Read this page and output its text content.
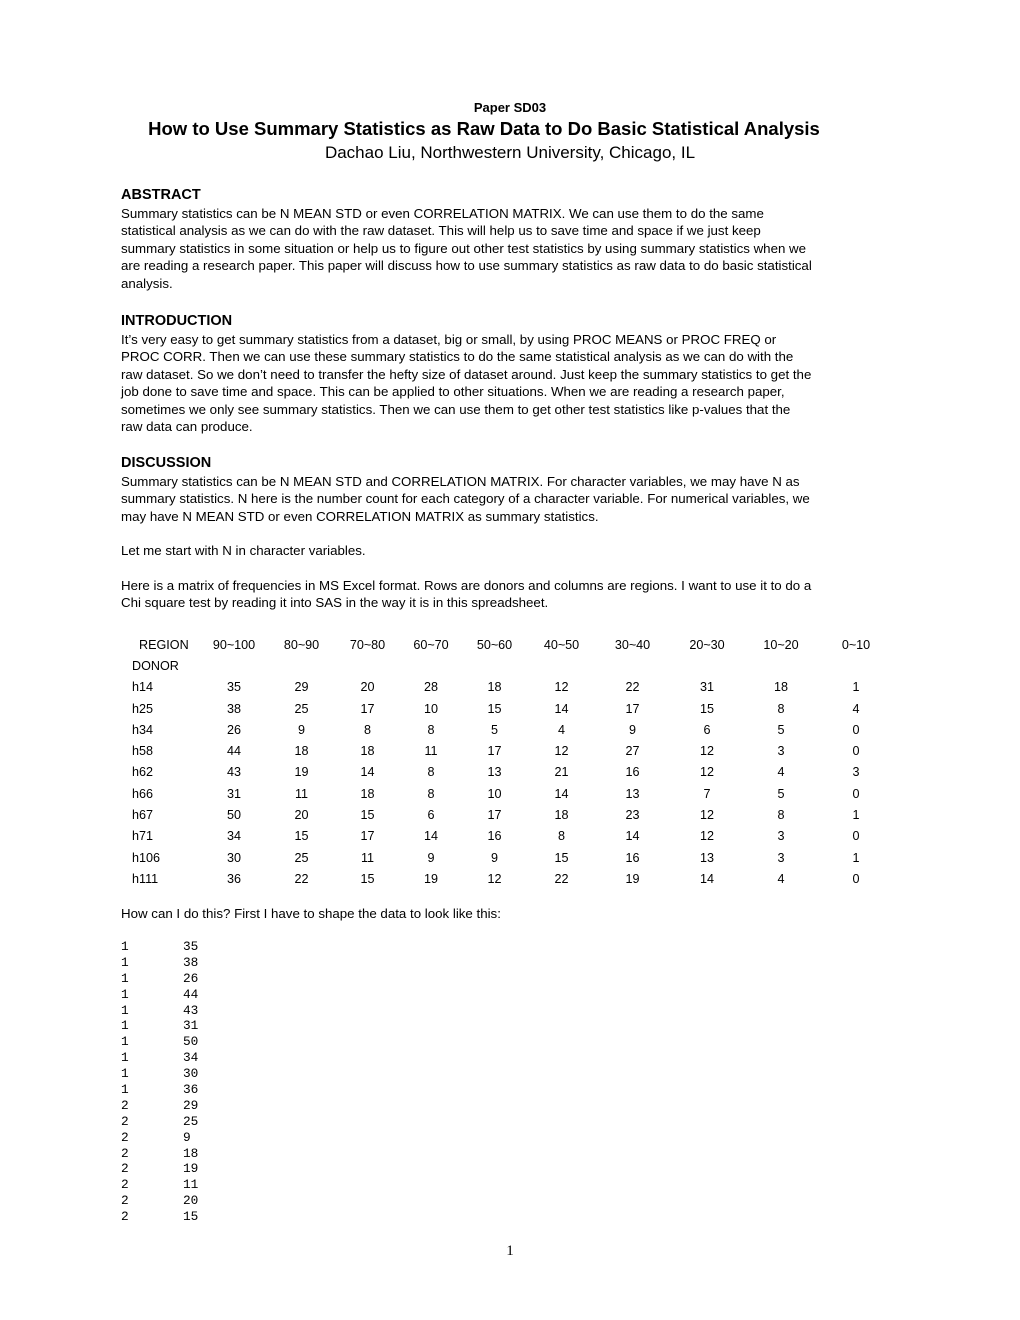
Paper SD03
How to Use Summary Statistics as Raw Data to Do Basic Statistical Analysis
Dachao Liu, Northwestern University, Chicago, IL
ABSTRACT
Summary statistics can be N MEAN STD or even CORRELATION MATRIX. We can use them to do the same
statistical analysis as we can do with the raw dataset. This will help us to save time and space if we just keep
summary statistics in some situation or help us to figure out other test statistics by using summary statistics when we
are reading a research paper. This paper will discuss how to use summary statistics as raw data to do basic statistical
analysis.
INTRODUCTION
It’s very easy to get summary statistics from a dataset, big or small, by using PROC MEANS or PROC FREQ or
PROC CORR. Then we can use these summary statistics to do the same statistical analysis as we can do with the
raw dataset. So we don’t need to transfer the hefty size of dataset around. Just keep the summary statistics to get the
job done to save time and space. This can be applied to other situations. When we are reading a research paper,
sometimes we only see summary statistics. Then we can use them to get other test statistics like p-values that the
raw data can produce.
DISCUSSION
Summary statistics can be N MEAN STD and CORRELATION MATRIX. For character variables, we may have N as
summary statistics. N here is the number count for each category of a character variable. For numerical variables, we
may have N MEAN STD or even CORRELATION MATRIX as summary statistics.
Let me start with N in character variables.
Here is a matrix of frequencies in MS Excel format. Rows are donors and columns are regions. I want to use it to do a
Chi square test by reading it into SAS in the way it is in this spreadsheet.
REGION	90~100	80~90	70~80	60~70	50~60	40~50	30~40	20~30	10~20	0~10
DONOR										
h14	35	29	20	28	18	12	22	31	18	1
h25	38	25	17	10	15	14	17	15	8	4
h34	26	9	8	8	5	4	9	6	5	0
h58	44	18	18	11	17	12	27	12	3	0
h62	43	19	14	8	13	21	16	12	4	3
h66	31	11	18	8	10	14	13	7	5	0
h67	50	20	15	6	17	18	23	12	8	1
h71	34	15	17	14	16	8	14	12	3	0
h106	30	25	11	9	9	15	16	13	3	1
h111	36	22	15	19	12	22	19	14	4	0
How can I do this? First I have to shape the data to look like this:
1	35
1	38
1	26
1	44
1	43
1	31
1	50
1	34
1	30
1	36
2	29
2	25
2	9
2	18
2	19
2	11
2	20
2	15
1
